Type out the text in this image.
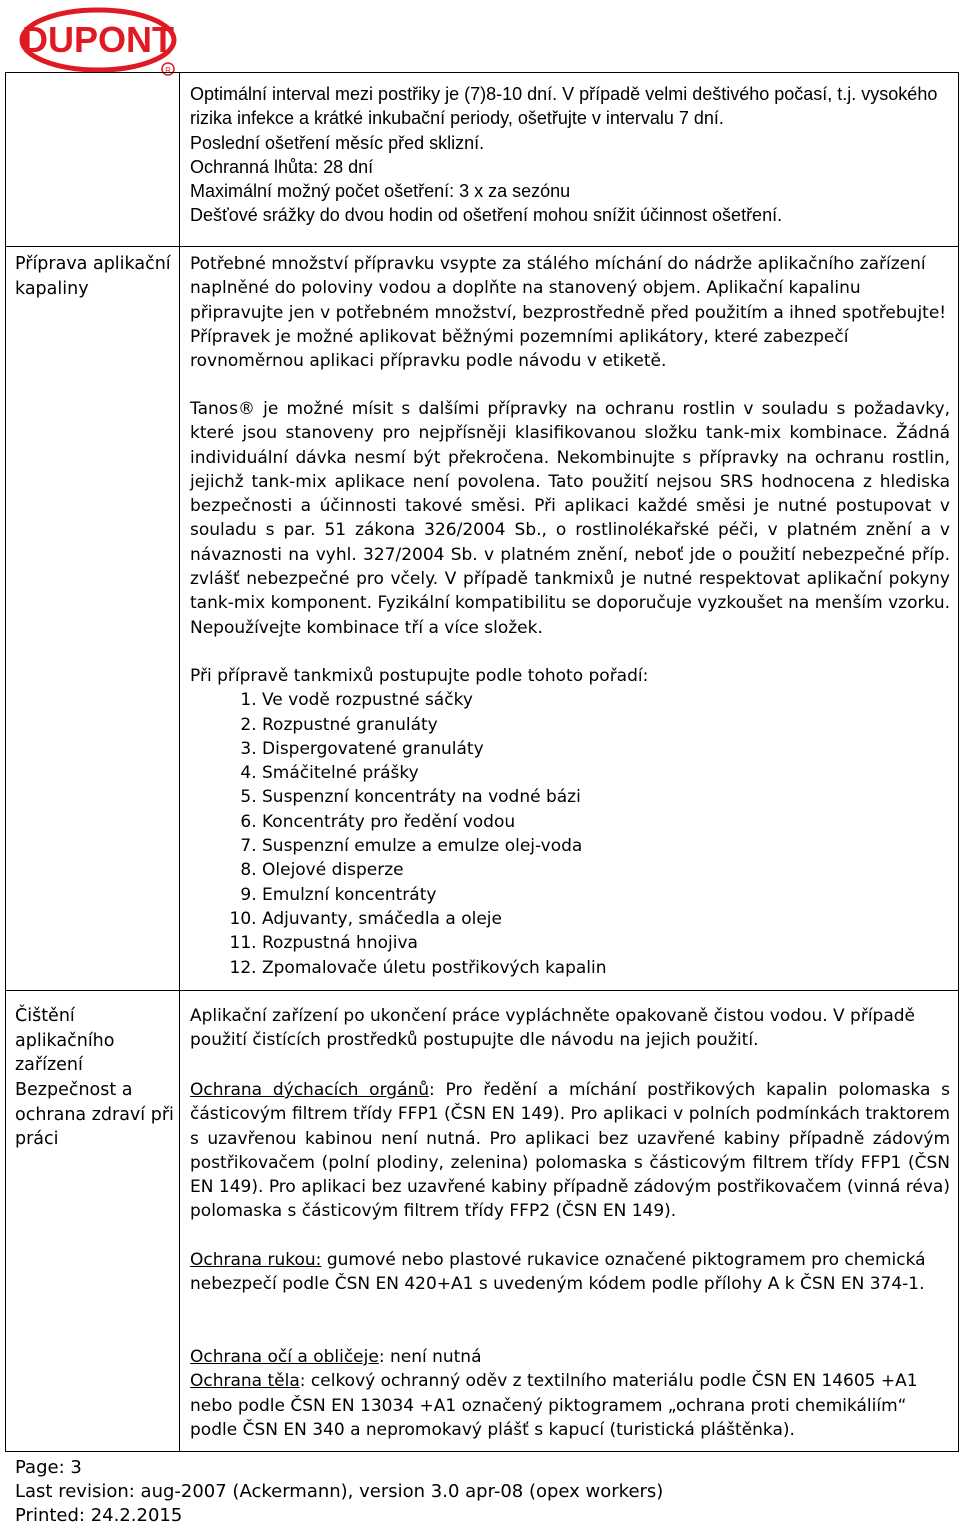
DUPONT
R
Optimální interval mezi postřiky je (7)8-10 dní. V případě velmi deštivého počasí, t.j. vysokého rizika infekce a krátké inkubační periody, ošetřujte v intervalu 7 dní.
Poslední ošetření měsíc před sklizní.
Ochranná lhůta: 28 dní
Maximální možný počet ošetření: 3 x za sezónu
Dešťové srážky do dvou hodin od ošetření mohou snížit účinnost ošetření.
Příprava aplikační kapaliny
Potřebné množství přípravku vsypte za stálého míchání do nádrže aplikačního zařízení naplněné do poloviny vodou a doplňte na stanovený objem. Aplikační kapalinu připravujte jen v potřebném množství, bezprostředně před použitím a ihned spotřebujte! Přípravek je možné aplikovat běžnými pozemními aplikátory, které zabezpečí rovnoměrnou aplikaci přípravku podle návodu v etiketě.
Tanos® je možné mísit s dalšími přípravky na ochranu rostlin v souladu s požadavky, které jsou stanoveny pro nejpřísněji klasifikovanou složku tank-mix kombinace. Žádná individuální dávka nesmí být překročena. Nekombinujte s přípravky na ochranu rostlin, jejichž tank-mix aplikace není povolena. Tato použití nejsou SRS hodnocena z hlediska bezpečnosti a účinnosti takové směsi. Při aplikaci každé směsi je nutné postupovat v souladu s par. 51 zákona 326/2004 Sb., o rostlinolékařské péči, v platném znění a v návaznosti na vyhl. 327/2004 Sb. v platném znění, neboť jde o použití nebezpečné příp. zvlášť nebezpečné pro včely. V případě tankmixů je nutné respektovat aplikační pokyny tank-mix komponent. Fyzikální kompatibilitu se doporučuje vyzkoušet na menším vzorku. Nepoužívejte kombinace tří a více složek.
Při přípravě tankmixů postupujte podle tohoto pořadí:
1. Ve vodě rozpustné sáčky
2. Rozpustné granuláty
3. Dispergovatené granuláty
4. Smáčitelné prášky
5. Suspenzní koncentráty na vodné bázi
6. Koncentráty pro ředění vodou
7. Suspenzní emulze a emulze olej-voda
8. Olejové disperze
9. Emulzní koncentráty
10. Adjuvanty, smáčedla a oleje
11. Rozpustná hnojiva
12. Zpomalovače úletu postřikových kapalin
Čištění aplikačního zařízení
Bezpečnost a ochrana zdraví při práci
Aplikační zařízení po ukončení práce vypláchněte opakovaně čistou vodou. V případě použití čistících prostředků postupujte dle návodu na jejich použití.
Ochrana dýchacích orgánů: Pro ředění a míchání postřikových kapalin polomaska s částicovým filtrem třídy FFP1 (ČSN EN 149). Pro aplikaci v polních podmínkách traktorem s uzavřenou kabinou není nutná. Pro aplikaci bez uzavřené kabiny případně zádovým postřikovačem (polní plodiny, zelenina) polomaska s částicovým filtrem třídy FFP1 (ČSN EN 149). Pro aplikaci bez uzavřené kabiny případně zádovým postřikovačem (vinná réva) polomaska s částicovým filtrem třídy FFP2 (ČSN EN 149).
Ochrana rukou: gumové nebo plastové rukavice označené piktogramem pro chemická nebezpečí podle ČSN EN 420+A1 s uvedeným kódem podle přílohy A k ČSN EN 374-1.
Ochrana očí a obličeje: není nutná
Ochrana těla: celkový ochranný oděv z textilního materiálu podle ČSN EN 14605 +A1 nebo podle ČSN EN 13034 +A1 označený piktogramem „ochrana proti chemikáliím“ podle ČSN EN 340 a nepromokavý plášť s kapucí (turistická pláštěnka).
Page: 3
Last revision: aug-2007 (Ackermann), version 3.0 apr-08 (opex workers)
Printed: 24.2.2015
